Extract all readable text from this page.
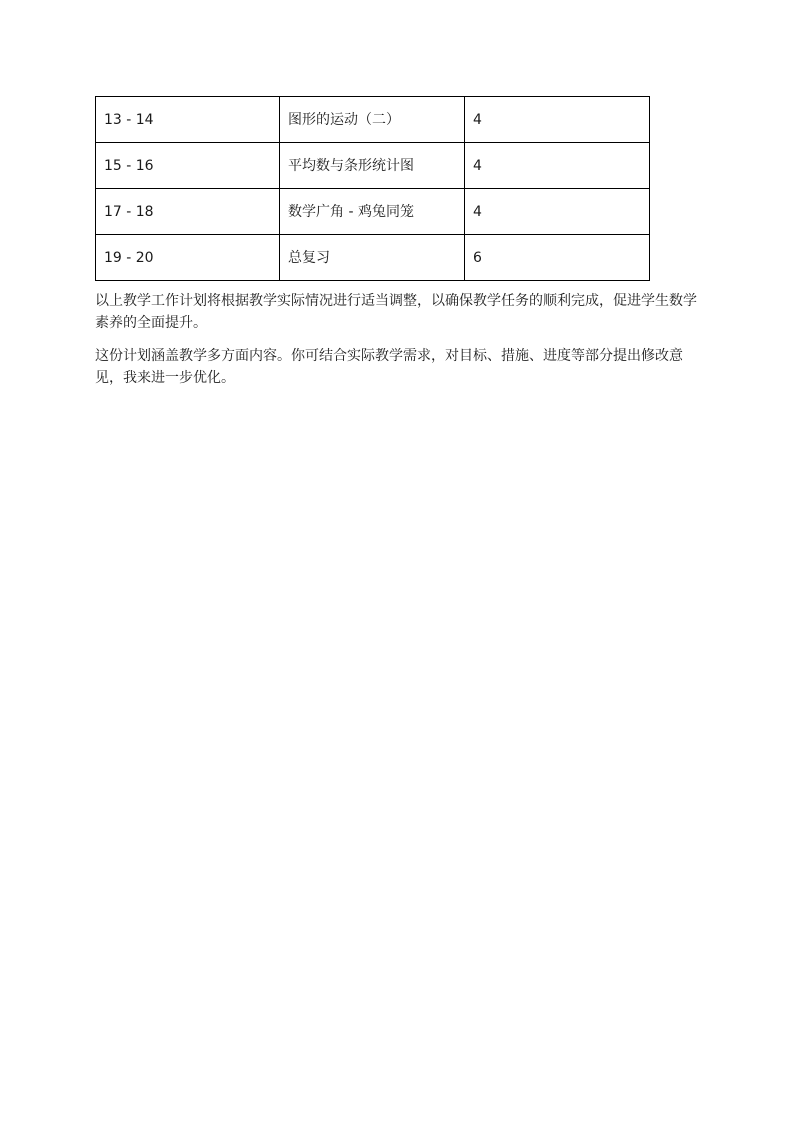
13 - 14	图形的运动（二）	4
15 - 16	平均数与条形统计图	4
17 - 18	数学广角 - 鸡兔同笼	4
19 - 20	总复习	6

以上教学工作计划将根据教学实际情况进行适当调整，以确保教学任务的顺利完成，促进学生数学素养的全面提升。

这份计划涵盖教学多方面内容。你可结合实际教学需求，对目标、措施、进度等部分提出修改意见，我来进一步优化。
